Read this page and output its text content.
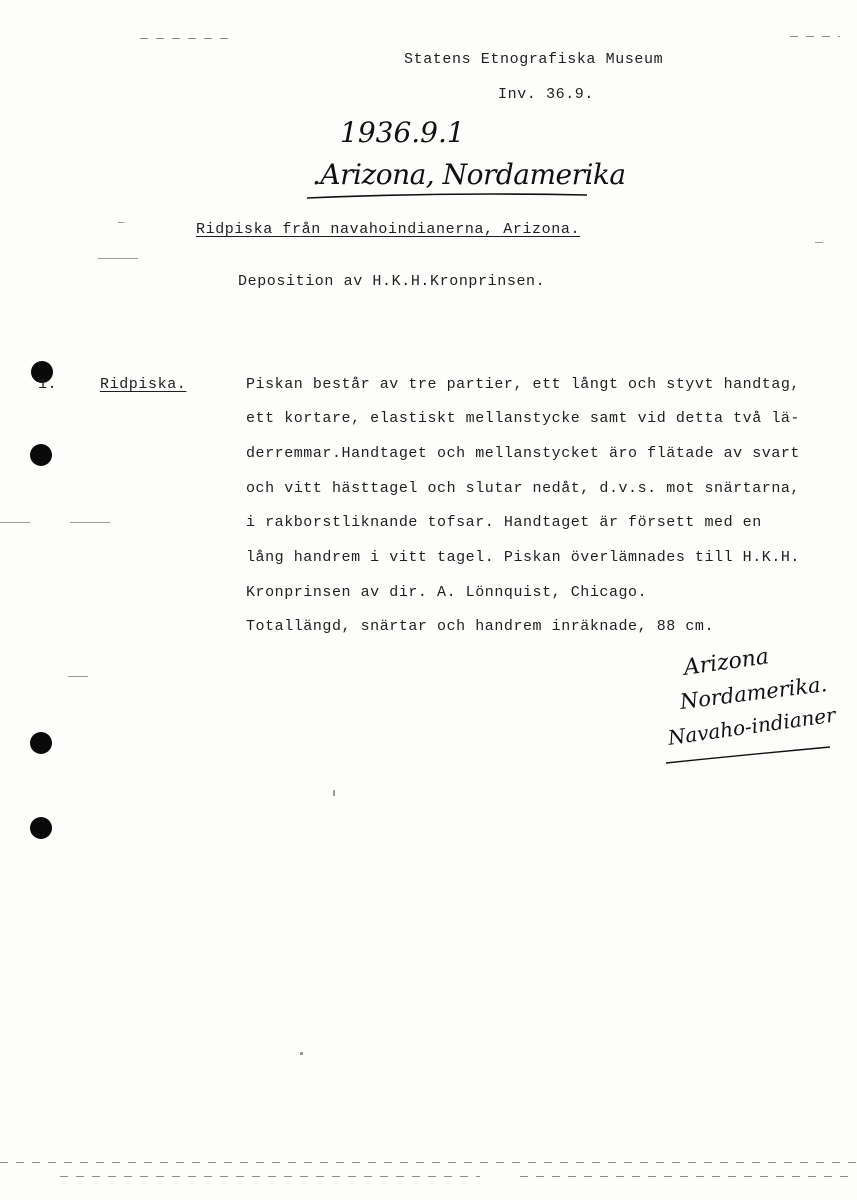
Statens Etnografiska Museum
Inv. 36.9.
1936.9.1
.Arizona, Nordamerika
Ridpiska från navahoindianerna, Arizona.
Deposition av H.K.H.Kronprinsen.
1.	Ridpiska.	Piskan består av tre partier, ett långt och styvt handtag,
ett kortare, elastiskt mellanstycke samt vid detta två lä-
derremmar.Handtaget och mellanstycket äro flätade av svart
och vitt hästtagel och slutar nedåt, d.v.s. mot snärtarna,
i rakborstliknande tofsar. Handtaget är försett med en
lång handrem i vitt tagel. Piskan överlämnades till H.K.H.
Kronprinsen av dir. A. Lönnquist, Chicago.
Totallängd, snärtar och handrem inräknade, 88 cm.
Arizona
Nordamerika.
Navaho-indianer
